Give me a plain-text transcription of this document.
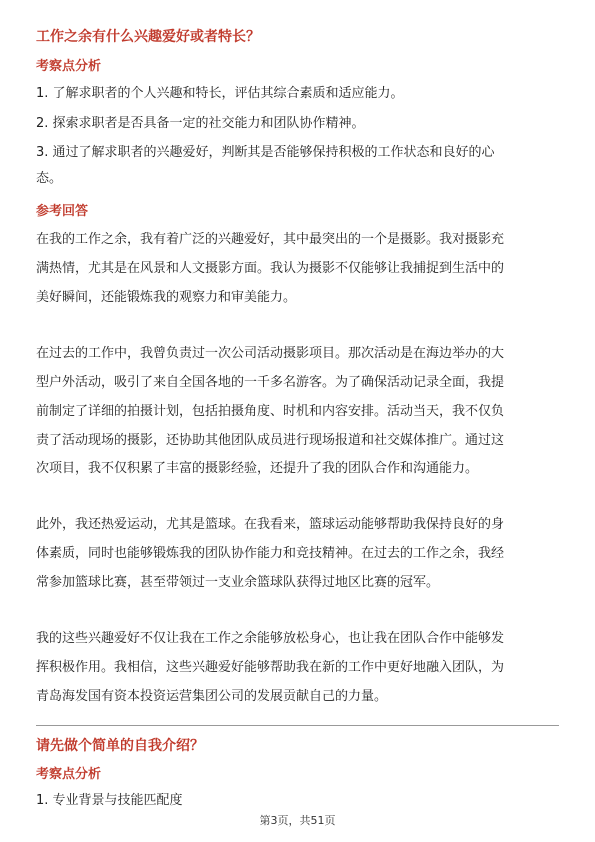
工作之余有什么兴趣爱好或者特长？
考察点分析
1. 了解求职者的个人兴趣和特长，评估其综合素质和适应能力。
2. 探索求职者是否具备一定的社交能力和团队协作精神。
3. 通过了解求职者的兴趣爱好，判断其是否能够保持积极的工作状态和良好的心
态。
参考回答
在我的工作之余，我有着广泛的兴趣爱好，其中最突出的一个是摄影。我对摄影充
满热情，尤其是在风景和人文摄影方面。我认为摄影不仅能够让我捕捉到生活中的
美好瞬间，还能锻炼我的观察力和审美能力。
在过去的工作中，我曾负责过一次公司活动摄影项目。那次活动是在海边举办的大
型户外活动，吸引了来自全国各地的一千多名游客。为了确保活动记录全面，我提
前制定了详细的拍摄计划，包括拍摄角度、时机和内容安排。活动当天，我不仅负
责了活动现场的摄影，还协助其他团队成员进行现场报道和社交媒体推广。通过这
次项目，我不仅积累了丰富的摄影经验，还提升了我的团队合作和沟通能力。
此外，我还热爱运动，尤其是篮球。在我看来，篮球运动能够帮助我保持良好的身
体素质，同时也能够锻炼我的团队协作能力和竞技精神。在过去的工作之余，我经
常参加篮球比赛，甚至带领过一支业余篮球队获得过地区比赛的冠军。
我的这些兴趣爱好不仅让我在工作之余能够放松身心，也让我在团队合作中能够发
挥积极作用。我相信，这些兴趣爱好能够帮助我在新的工作中更好地融入团队，为
青岛海发国有资本投资运营集团公司的发展贡献自己的力量。
请先做个简单的自我介绍？
考察点分析
1. 专业背景与技能匹配度
第3页，共51页
